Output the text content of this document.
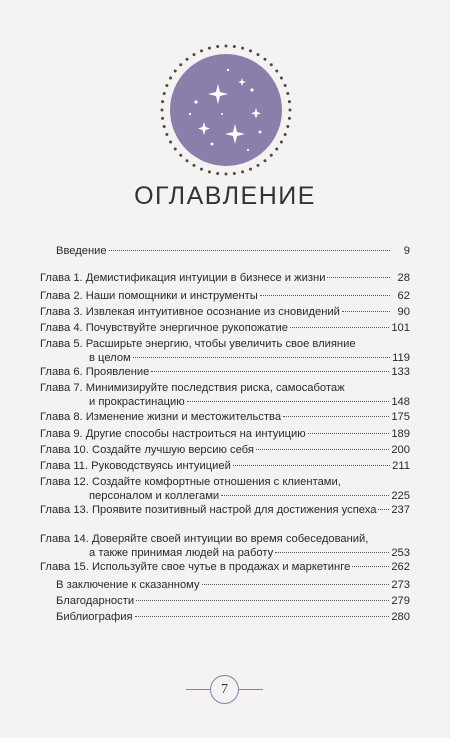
ОГЛАВЛЕНИЕ
Введение	9
Глава 1. Демистификация интуиции в бизнесе и жизни	28
Глава 2. Наши помощники и инструменты	62
Глава 3. Извлекая интуитивное осознание из сновидений	90
Глава 4. Почувствуйте энергичное рукопожатие	101
Глава 5. Расширьте энергию, чтобы увеличить свое влияние
в целом	119
Глава 6. Проявление	133
Глава 7. Минимизируйте последствия риска, самосаботаж
и прокрастинацию	148
Глава 8. Изменение жизни и местожительства	175
Глава 9. Другие способы настроиться на интуицию	189
Глава 10. Создайте лучшую версию себя	200
Глава 11. Руководствуясь интуицией	211
Глава 12. Создайте комфортные отношения с клиентами,
персоналом и коллегами	225
Глава 13. Проявите позитивный настрой для достижения успеха 237
Глава 14. Доверяйте своей интуиции во время собеседований,
а также принимая людей на работу	253
Глава 15. Используйте свое чутье в продажах и маркетинге	262
В заключение к сказанному	273
Благодарности	279
Библиография	280
7
